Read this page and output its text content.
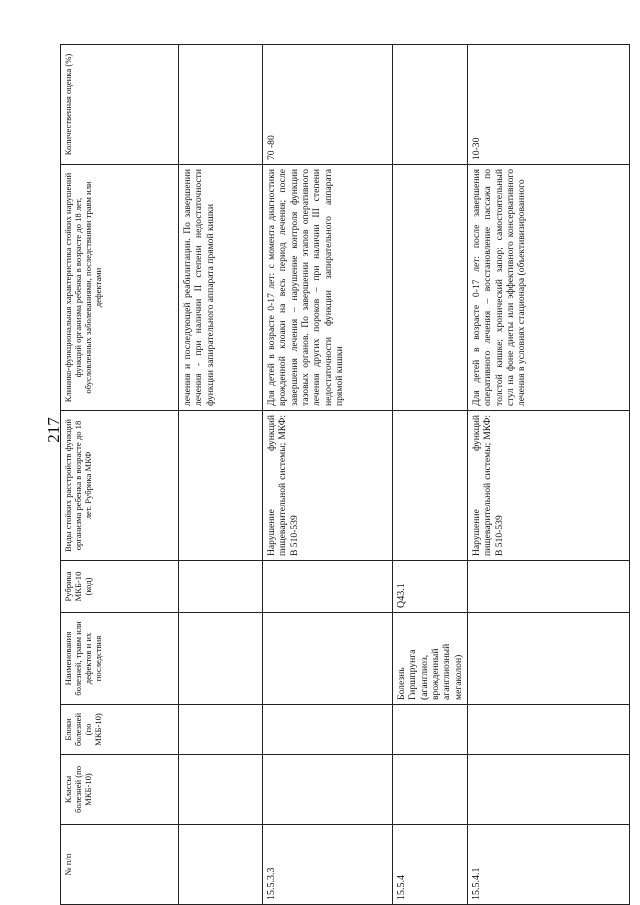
217
№ п/п	Классы болезней (по МКБ-10)	Блоки болезней (по МКБ-10)	Наименования болезней, травм или дефектов и их последствия	Рубрика МКБ-10 (код)	Виды стойких расстройств функций организма ребенка в возрасте до 18 лет. Рубрика МКФ	Клинико-функциональная характеристика стойких нарушений функций организма ребенка в возрасте до 18 лет, обусловленных заболеваниями, последствиями травм или дефектами	Количественная оценка (%)
						лечения и последующей реабилитации. По завершении лечения - при наличии II степени недостаточности функции запирательного аппарата прямой кишки	
15.5.3.3					Нарушение функций пищеварительной системы; МКФ: В 510-539	Для детей в возрасте 0-17 лет: с момента диагностики врожденной клоаки на весь период лечения; после завершения лечения – нарушение контроля функции тазовых органов. По завершении этапов оперативного лечения других пороков – при наличии III степени недостаточности функции запирательного аппарата прямой кишки	70 -80
15.5.4			Болезнь Гиршпрунга (аганглиоз, врожденный аганглиозный мегаколон)	Q43.1			
15.5.4.1					Нарушение функций пищеварительной системы; МКФ: В 510-539	Для детей в возрасте 0-17 лет: после завершения оперативного лечения – восстановление пассажа по толстой кишке; хронический запор; самостоятельный стул на фоне диеты или эффективного консервативного лечения в условиях стационара (объективизированного	10-30
